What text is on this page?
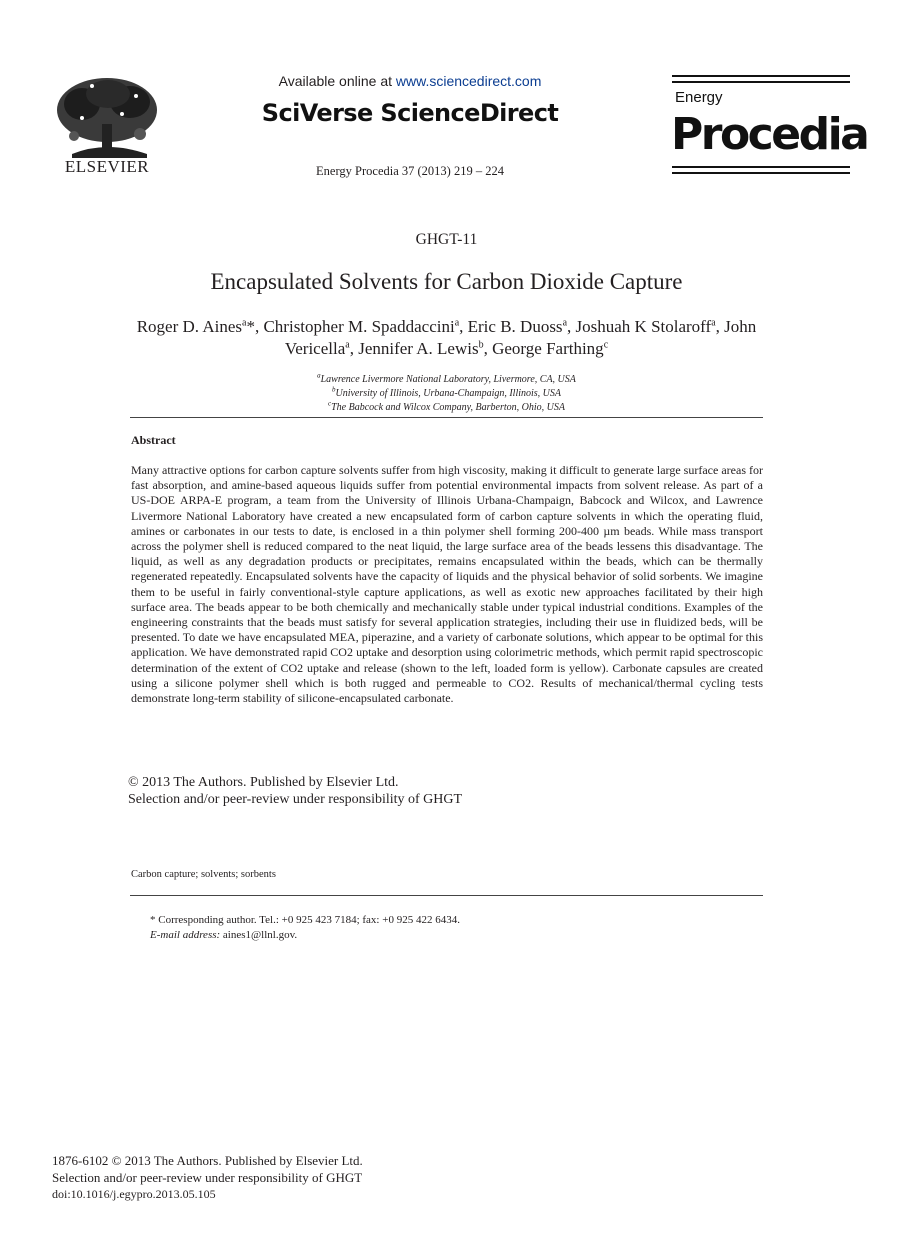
ELSEVIER
Available online at www.sciencedirect.com
SciVerse ScienceDirect
Energy Procedia 37 (2013) 219 – 224
Energy
Procedia
GHGT-11
Encapsulated Solvents for Carbon Dioxide Capture
Roger D. Aines$^a$*, Christopher M. Spaddaccini$^a$, Eric B. Duoss$^a$, Joshuah K Stolaroff$^a$, John Vericella$^a$, Jennifer A. Lewis$^b$, George Farthing$^c$
$^a$Lawrence Livermore National Laboratory, Livermore, CA, USA
$^b$University of Illinois, Urbana-Champaign, Illinois, USA
$^c$The Babcock and Wilcox Company, Barberton, Ohio, USA
Abstract
Many attractive options for carbon capture solvents suffer from high viscosity, making it difficult to generate large surface areas for fast absorption, and amine-based aqueous liquids suffer from potential environmental impacts from solvent release. As part of a US-DOE ARPA-E program, a team from the University of Illinois Urbana-Champaign, Babcock and Wilcox, and Lawrence Livermore National Laboratory have created a new encapsulated form of carbon capture solvents in which the operating fluid, amines or carbonates in our tests to date, is enclosed in a thin polymer shell forming 200-400 µm beads. While mass transport across the polymer shell is reduced compared to the neat liquid, the large surface area of the beads lessens this disadvantage. The liquid, as well as any degradation products or precipitates, remains encapsulated within the beads, which can be thermally regenerated repeatedly. Encapsulated solvents have the capacity of liquids and the physical behavior of solid sorbents. We imagine them to be useful in fairly conventional-style capture applications, as well as exotic new approaches facilitated by their high surface area. The beads appear to be both chemically and mechanically stable under typical industrial conditions. Examples of the engineering constraints that the beads must satisfy for several application strategies, including their use in fluidized beds, will be presented. To date we have encapsulated MEA, piperazine, and a variety of carbonate solutions, which appear to be optimal for this application. We have demonstrated rapid CO2 uptake and desorption using colorimetric methods, which permit rapid spectroscopic determination of the extent of CO2 uptake and release (shown to the left, loaded form is yellow). Carbonate capsules are created using a silicone polymer shell which is both rugged and permeable to CO2. Results of mechanical/thermal cycling tests demonstrate long-term stability of silicone-encapsulated carbonate.
© 2013 The Authors. Published by Elsevier Ltd.
Selection and/or peer-review under responsibility of GHGT
Carbon capture; solvents; sorbents
* Corresponding author. Tel.: +0 925 423 7184; fax: +0 925 422 6434.
E-mail address: aines1@llnl.gov.
1876-6102 © 2013 The Authors. Published by Elsevier Ltd.
Selection and/or peer-review under responsibility of GHGT
doi:10.1016/j.egypro.2013.05.105
